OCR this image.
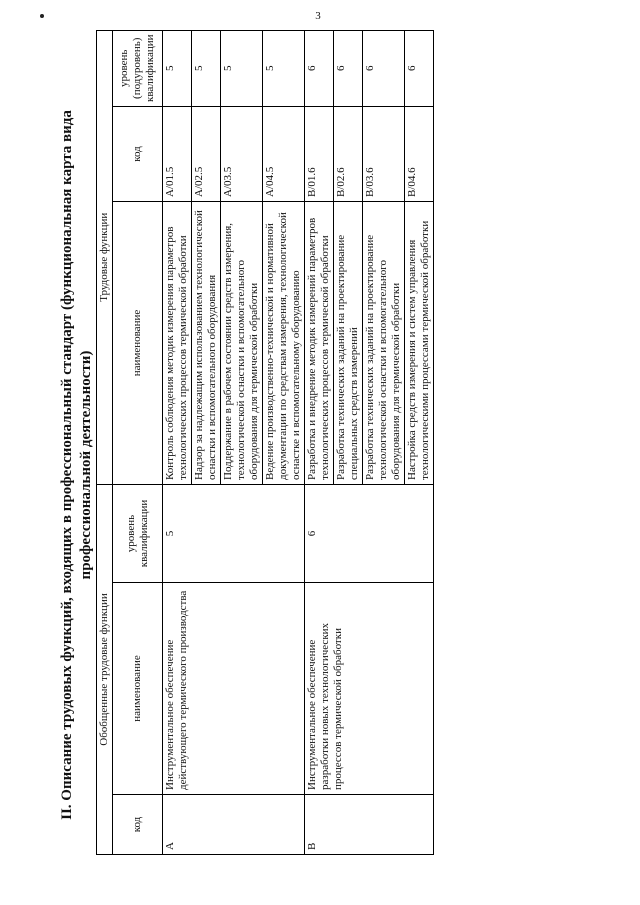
3
II. Описание трудовых функций, входящих в профессиональный стандарт (функциональная карта вида профессиональной деятельности)
Обобщенные трудовые функции			Трудовые функции		
код	наименование	уровень квалификации	наименование	код	уровень (подуровень) квалификации
A	Инструментальное обеспечение действующего термического производства	5	Контроль соблюдения методик измерения параметров технологических процессов термической обработки	A/01.5	5
			Надзор за надлежащим использованием технологической оснастки и вспомогательного оборудования	A/02.5	5
			Поддержание в рабочем состоянии средств измерения, технологической оснастки и вспомогательного оборудования для термической обработки	A/03.5	5
			Ведение производственно-технической и нормативной документации по средствам измерения, технологической оснастке и вспомогательному оборудованию	A/04.5	5
B	Инструментальное обеспечение разработки новых технологических процессов термической обработки	6	Разработка и внедрение методик измерений параметров технологических процессов термической обработки	B/01.6	6
			Разработка технических заданий на проектирование специальных средств измерений	B/02.6	6
			Разработка технических заданий на проектирование технологической оснастки и вспомогательного оборудования для термической обработки	B/03.6	6
			Настройка средств измерения и систем управления технологическими процессами термической обработки	B/04.6	6
